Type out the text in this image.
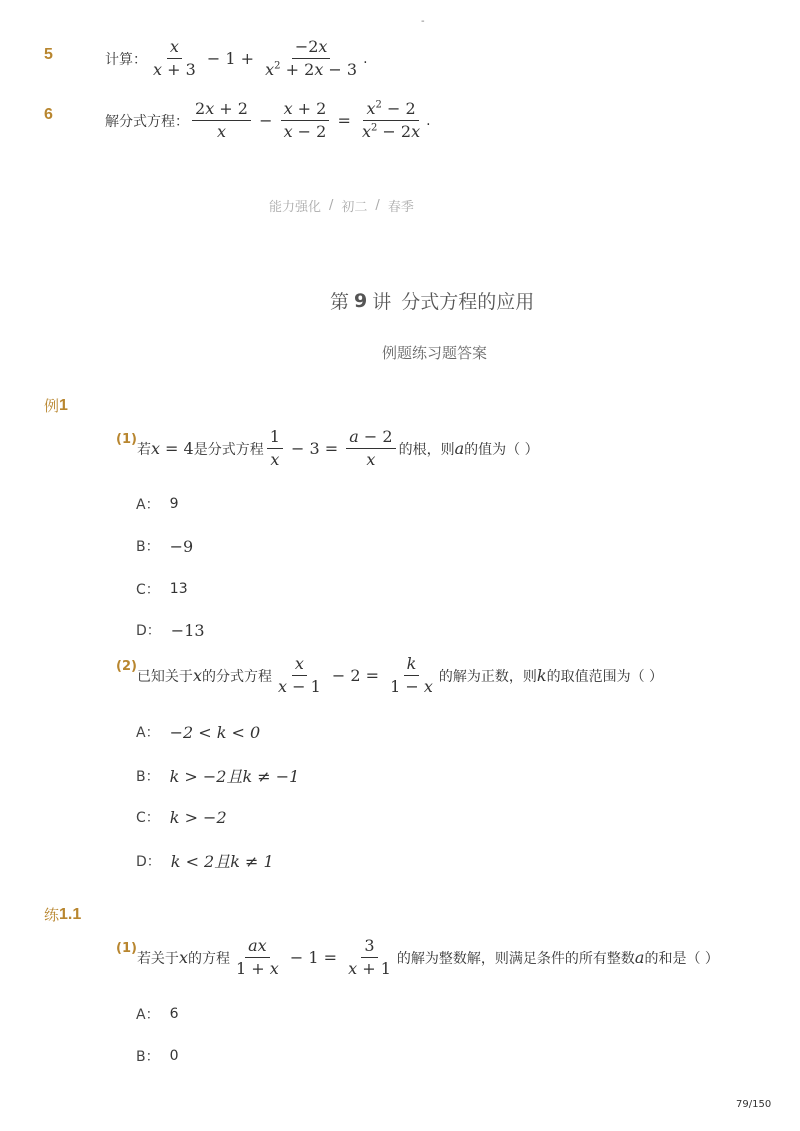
-
5	计算： $\frac{x}{x + 3} - 1 + \frac{-2x}{x^2 + 2x - 3}$ .
6	解分式方程： $\frac{2x + 2}{x} - \frac{x + 2}{x - 2} = \frac{x^2 - 2}{x^2 - 2x}$ .
能力强化 / 初二 / 春季
第 9 讲 分式方程的应用
例题练习题答案
例 1
(1)
若 x = 4 是分式方程 $\frac{1}{x} - 3 = \frac{a - 2}{x}$ 的根，则 a 的值为（ ）
A： 9
B： −9
C： 13
D： −13
(2)
已知关于 x 的分式方程 $\frac{x}{x - 1} - 2 = \frac{k}{1 - x}$ 的解为正数，则 k 的取值范围为（ ）
A： −2 < k < 0
B： k > −2且k ≠ −1
C： k > −2
D： k < 2且k ≠ 1
练 1.1
(1)
若关于 x 的方程 $\frac{ax}{1 + x} - 1 = \frac{3}{x + 1}$ 的解为整数解，则满足条件的所有整数 a 的和是（ ）
A： 6
B： 0
79/150
